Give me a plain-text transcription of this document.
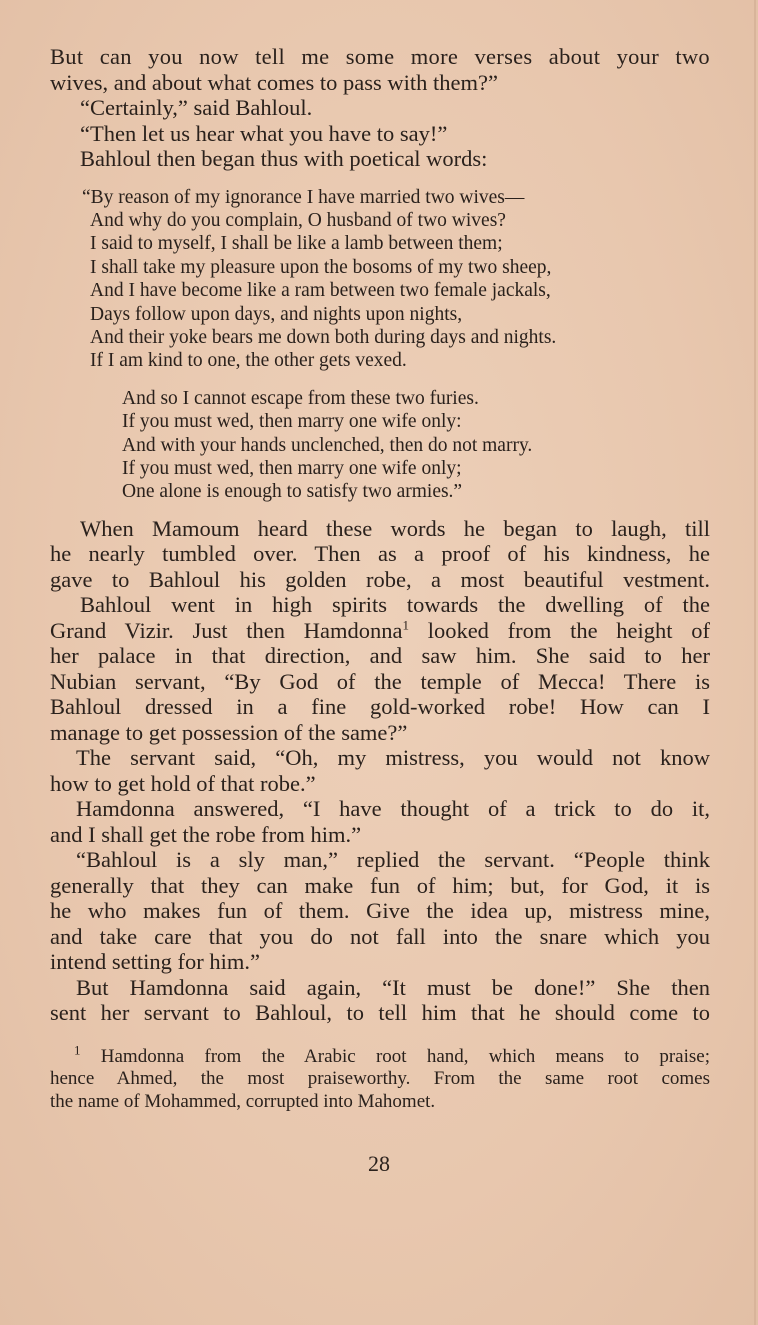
But can you now tell me some more verses about your two
wives, and about what comes to pass with them?”
“Certainly,” said Bahloul.
“Then let us hear what you have to say!”
Bahloul then began thus with poetical words:
“By reason of my ignorance I have married two wives—
And why do you complain, O husband of two wives?
I said to myself, I shall be like a lamb between them;
I shall take my pleasure upon the bosoms of my two sheep,
And I have become like a ram between two female jackals,
Days follow upon days, and nights upon nights,
And their yoke bears me down both during days and nights.
If I am kind to one, the other gets vexed.
And so I cannot escape from these two furies.
If you must wed, then marry one wife only:
And with your hands unclenched, then do not marry.
If you must wed, then marry one wife only;
One alone is enough to satisfy two armies.”
When Mamoum heard these words he began to laugh, till
he nearly tumbled over. Then as a proof of his kindness, he
gave to Bahloul his golden robe, a most beautiful vestment.
Bahloul went in high spirits towards the dwelling of the
Grand Vizir. Just then Hamdonna$^1$ looked from the height of
her palace in that direction, and saw him. She said to her
Nubian servant, “By God of the temple of Mecca! There is
Bahloul dressed in a fine gold-worked robe! How can I
manage to get possession of the same?”
The servant said, “Oh, my mistress, you would not know
how to get hold of that robe.”
Hamdonna answered, “I have thought of a trick to do it,
and I shall get the robe from him.”
“Bahloul is a sly man,” replied the servant. “People think
generally that they can make fun of him; but, for God, it is
he who makes fun of them. Give the idea up, mistress mine,
and take care that you do not fall into the snare which you
intend setting for him.”
But Hamdonna said again, “It must be done!” She then
sent her servant to Bahloul, to tell him that he should come to
$^1$ Hamdonna from the Arabic root hand, which means to praise;
hence Ahmed, the most praiseworthy. From the same root comes
the name of Mohammed, corrupted into Mahomet.
28
